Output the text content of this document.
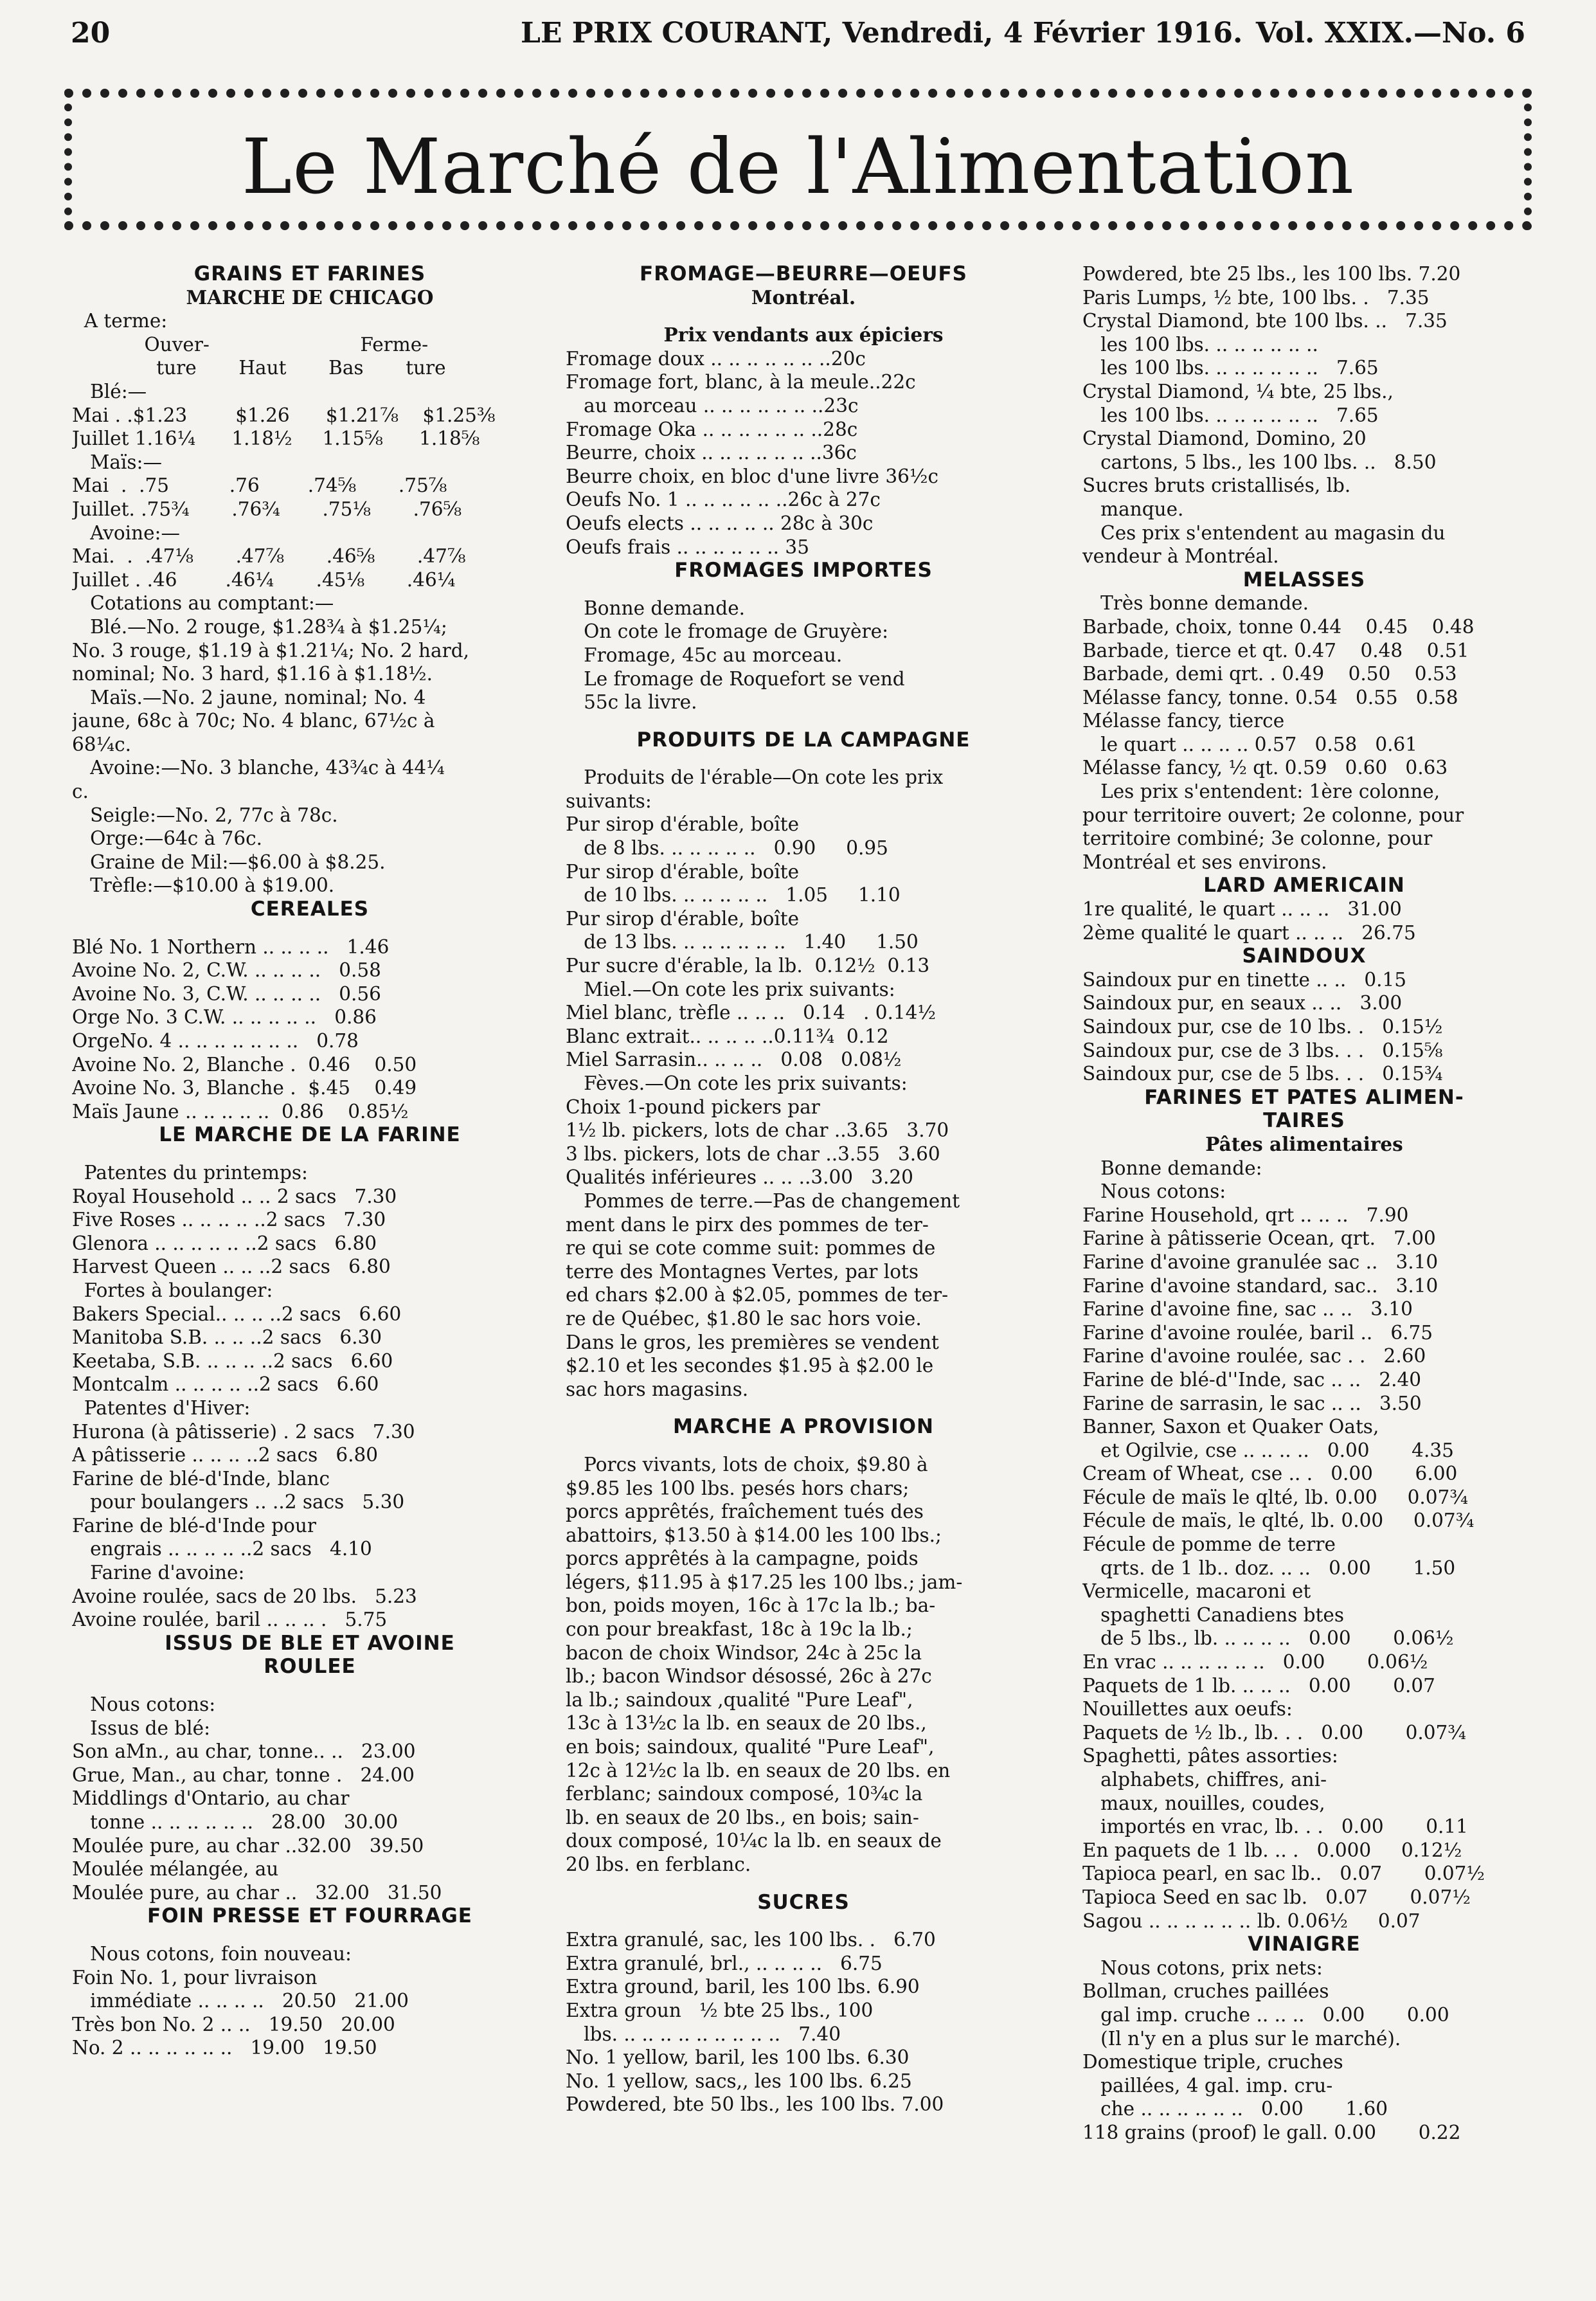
20	LE PRIX COURANT, Vendredi, 4 Février 1916. Vol. XXIX.—No. 6
Le Marché de l'Alimentation
GRAINS ET FARINES
MARCHE DE CHICAGO
A terme:
Ouver-                         Ferme-
ture       Haut       Bas       ture
Blé:—
Mai . .$1.23        $1.26      $1.21⅞    $1.25⅜
Juillet 1.16¼      1.18½     1.15⅝      1.18⅝
Maïs:—
Mai  .  .75          .76        .74⅝       .75⅞
Juillet. .75¾       .76¾       .75⅛       .76⅝
Avoine:—
Mai.  .  .47⅛       .47⅞       .46⅝       .47⅞
Juillet . .46        .46¼       .45⅛       .46¼
Cotations au comptant:—
Blé.—No. 2 rouge, $1.28¾ à $1.25¼;
No. 3 rouge, $1.19 à $1.21¼; No. 2 hard,
nominal; No. 3 hard, $1.16 à $1.18½.
Maïs.—No. 2 jaune, nominal; No. 4
jaune, 68c à 70c; No. 4 blanc, 67½c à
68¼c.
Avoine:—No. 3 blanche, 43¾c à 44¼
c.
Seigle:—No. 2, 77c à 78c.
Orge:—64c à 76c.
Graine de Mil:—$6.00 à $8.25.
Trèfle:—$10.00 à $19.00.
CEREALES
Blé No. 1 Northern .. .. .. ..   1.46
Avoine No. 2, C.W. .. .. .. ..   0.58
Avoine No. 3, C.W. .. .. .. ..   0.56
Orge No. 3 C.W. .. .. .. .. ..   0.86
OrgeNo. 4 .. .. .. .. .. .. ..   0.78
Avoine No. 2, Blanche .  0.46    0.50
Avoine No. 3, Blanche .  $.45    0.49
Maïs Jaune .. .. .. .. ..  0.86    0.85½
LE MARCHE DE LA FARINE
Patentes du printemps:
Royal Household .. .. 2 sacs   7.30
Five Roses .. .. .. .. ..2 sacs   7.30
Glenora .. .. .. .. .. ..2 sacs   6.80
Harvest Queen .. .. ..2 sacs   6.80
Fortes à boulanger:
Bakers Special.. .. .. ..2 sacs   6.60
Manitoba S.B. .. .. ..2 sacs   6.30
Keetaba, S.B. .. .. .. ..2 sacs   6.60
Montcalm .. .. .. .. ..2 sacs   6.60
Patentes d'Hiver:
Hurona (à pâtisserie) . 2 sacs   7.30
A pâtisserie .. .. .. ..2 sacs   6.80
Farine de blé-d'Inde, blanc
pour boulangers .. ..2 sacs   5.30
Farine de blé-d'Inde pour
engrais .. .. .. .. ..2 sacs   4.10
Farine d'avoine:
Avoine roulée, sacs de 20 lbs.   5.23
Avoine roulée, baril .. .. .. .   5.75
ISSUS DE BLE ET AVOINE
ROULEE
Nous cotons:
Issus de blé:
Son aMn., au char, tonne.. ..   23.00
Grue, Man., au char, tonne .   24.00
Middlings d'Ontario, au char
tonne .. .. .. .. .. ..   28.00   30.00
Moulée pure, au char ..32.00   39.50
Moulée mélangée, au
Moulée pure, au char ..   32.00   31.50
FOIN PRESSE ET FOURRAGE
Nous cotons, foin nouveau:
Foin No. 1, pour livraison
immédiate .. .. .. ..   20.50   21.00
Très bon No. 2 .. ..   19.50   20.00
No. 2 .. .. .. .. .. ..   19.00   19.50
FROMAGE—BEURRE—OEUFS
Montréal.
Prix vendants aux épiciers
Fromage doux .. .. .. .. .. .. ..20c
Fromage fort, blanc, à la meule..22c
au morceau .. .. .. .. .. .. ..23c
Fromage Oka .. .. .. .. .. .. ..28c
Beurre, choix .. .. .. .. .. .. ..36c
Beurre choix, en bloc d'une livre 36½c
Oeufs No. 1 .. .. .. .. .. ..26c à 27c
Oeufs elects .. .. .. .. .. 28c à 30c
Oeufs frais .. .. .. .. .. .. 35
FROMAGES IMPORTES
Bonne demande.
On cote le fromage de Gruyère:
Fromage, 45c au morceau.
Le fromage de Roquefort se vend
55c la livre.
PRODUITS DE LA CAMPAGNE
Produits de l'érable—On cote les prix
suivants:
Pur sirop d'érable, boîte
de 8 lbs. .. .. .. .. ..   0.90     0.95
Pur sirop d'érable, boîte
de 10 lbs. .. .. .. .. ..   1.05     1.10
Pur sirop d'érable, boîte
de 13 lbs. .. .. .. .. .. ..   1.40     1.50
Pur sucre d'érable, la lb.  0.12½  0.13
Miel.—On cote les prix suivants:
Miel blanc, trèfle .. .. ..   0.14   . 0.14½
Blanc extrait.. .. .. .. ..0.11¾  0.12
Miel Sarrasin.. .. .. ..   0.08   0.08½
Fèves.—On cote les prix suivants:
Choix 1-pound pickers par
1½ lb. pickers, lots de char ..3.65   3.70
3 lbs. pickers, lots de char ..3.55   3.60
Qualités inférieures .. .. ..3.00   3.20
Pommes de terre.—Pas de changement
ment dans le pirx des pommes de ter-
re qui se cote comme suit: pommes de
terre des Montagnes Vertes, par lots
ed chars $2.00 à $2.05, pommes de ter-
re de Québec, $1.80 le sac hors voie.
Dans le gros, les premières se vendent
$2.10 et les secondes $1.95 à $2.00 le
sac hors magasins.
MARCHE A PROVISION
Porcs vivants, lots de choix, $9.80 à
$9.85 les 100 lbs. pesés hors chars;
porcs apprêtés, fraîchement tués des
abattoirs, $13.50 à $14.00 les 100 lbs.;
porcs apprêtés à la campagne, poids
légers, $11.95 à $17.25 les 100 lbs.; jam-
bon, poids moyen, 16c à 17c la lb.; ba-
con pour breakfast, 18c à 19c la lb.;
bacon de choix Windsor, 24c à 25c la
lb.; bacon Windsor désossé, 26c à 27c
la lb.; saindoux ,qualité "Pure Leaf",
13c à 13½c la lb. en seaux de 20 lbs.,
en bois; saindoux, qualité "Pure Leaf",
12c à 12½c la lb. en seaux de 20 lbs. en
ferblanc; saindoux composé, 10¾c la
lb. en seaux de 20 lbs., en bois; sain-
doux composé, 10¼c la lb. en seaux de
20 lbs. en ferblanc.
SUCRES
Extra granulé, sac, les 100 lbs. .   6.70
Extra granulé, brl., .. .. .. ..   6.75
Extra ground, baril, les 100 lbs. 6.90
Extra groun   ½ bte 25 lbs., 100
lbs. .. .. .. .. .. .. .. .. ..   7.40
No. 1 yellow, baril, les 100 lbs. 6.30
No. 1 yellow, sacs,, les 100 lbs. 6.25
Powdered, bte 50 lbs., les 100 lbs. 7.00
Powdered, bte 25 lbs., les 100 lbs. 7.20
Paris Lumps, ½ bte, 100 lbs. .   7.35
Crystal Diamond, bte 100 lbs. ..   7.35
les 100 lbs. .. .. .. .. .. ..
les 100 lbs. .. .. .. .. .. ..   7.65
Crystal Diamond, ¼ bte, 25 lbs.,
les 100 lbs. .. .. .. .. .. ..   7.65
Crystal Diamond, Domino, 20
cartons, 5 lbs., les 100 lbs. ..   8.50
Sucres bruts cristallisés, lb.
manque.
Ces prix s'entendent au magasin du
vendeur à Montréal.
MELASSES
Très bonne demande.
Barbade, choix, tonne 0.44    0.45    0.48
Barbade, tierce et qt. 0.47    0.48    0.51
Barbade, demi qrt. . 0.49    0.50    0.53
Mélasse fancy, tonne. 0.54   0.55   0.58
Mélasse fancy, tierce
le quart .. .. .. .. 0.57   0.58   0.61
Mélasse fancy, ½ qt. 0.59   0.60   0.63
Les prix s'entendent: 1ère colonne,
pour territoire ouvert; 2e colonne, pour
territoire combiné; 3e colonne, pour
Montréal et ses environs.
LARD AMERICAIN
1re qualité, le quart .. .. ..   31.00
2ème qualité le quart .. .. ..   26.75
SAINDOUX
Saindoux pur en tinette .. ..   0.15
Saindoux pur, en seaux .. ..   3.00
Saindoux pur, cse de 10 lbs. .   0.15½
Saindoux pur, cse de 3 lbs. . .   0.15⅝
Saindoux pur, cse de 5 lbs. . .   0.15¾
FARINES ET PATES ALIMEN-
TAIRES
Pâtes alimentaires
Bonne demande:
Nous cotons:
Farine Household, qrt .. .. ..   7.90
Farine à pâtisserie Ocean, qrt.   7.00
Farine d'avoine granulée sac ..   3.10
Farine d'avoine standard, sac..   3.10
Farine d'avoine fine, sac .. ..   3.10
Farine d'avoine roulée, baril ..   6.75
Farine d'avoine roulée, sac . .   2.60
Farine de blé-d''Inde, sac .. ..   2.40
Farine de sarrasin, le sac .. ..   3.50
Banner, Saxon et Quaker Oats,
et Ogilvie, cse .. .. .. ..   0.00       4.35
Cream of Wheat, cse .. .   0.00       6.00
Fécule de maïs le qlté, lb. 0.00     0.07¾
Fécule de maïs, le qlté, lb. 0.00     0.07¾
Fécule de pomme de terre
qrts. de 1 lb.. doz. .. ..   0.00       1.50
Vermicelle, macaroni et
spaghetti Canadiens btes
de 5 lbs., lb. .. .. .. ..   0.00       0.06½
En vrac .. .. .. .. .. ..   0.00       0.06½
Paquets de 1 lb. .. .. ..   0.00       0.07
Nouillettes aux oeufs:
Paquets de ½ lb., lb. . .   0.00       0.07¾
Spaghetti, pâtes assorties:
alphabets, chiffres, ani-
maux, nouilles, coudes,
importés en vrac, lb. . .   0.00       0.11
En paquets de 1 lb. .. .   0.000     0.12½
Tapioca pearl, en sac lb..   0.07       0.07½
Tapioca Seed en sac lb.   0.07       0.07½
Sagou .. .. .. .. .. .. lb. 0.06½     0.07
VINAIGRE
Nous cotons, prix nets:
Bollman, cruches paillées
gal imp. cruche .. .. ..   0.00       0.00
(Il n'y en a plus sur le marché).
Domestique triple, cruches
paillées, 4 gal. imp. cru-
che .. .. .. .. .. ..   0.00       1.60
118 grains (proof) le gall. 0.00       0.22
